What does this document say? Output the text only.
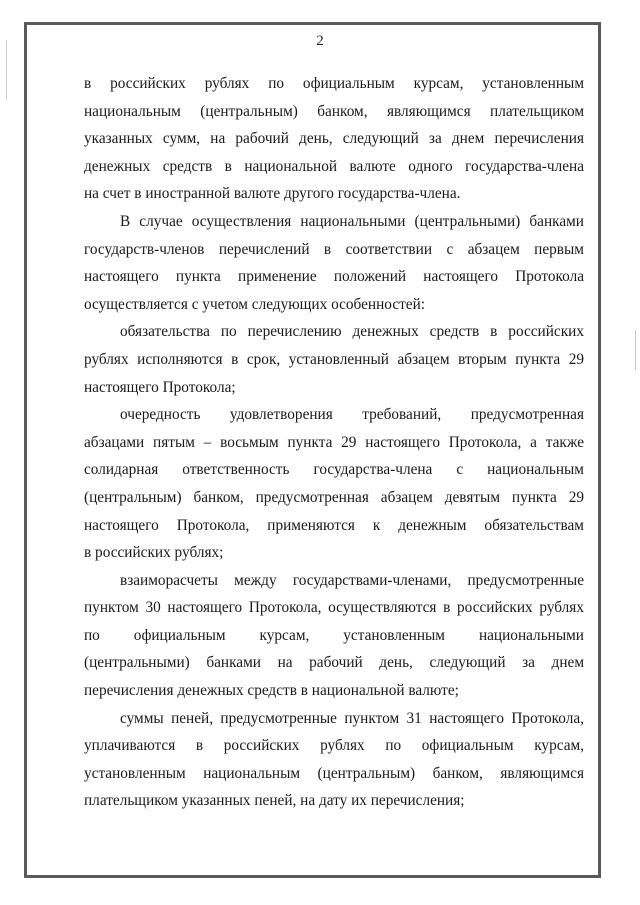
2
в российских рублях по официальным курсам, установленным
национальным (центральным) банком, являющимся плательщиком
указанных сумм, на рабочий день, следующий за днем перечисления
денежных средств в национальной валюте одного государства-члена
на счет в иностранной валюте другого государства-члена.
В случае осуществления национальными (центральными) банками
государств-членов перечислений в соответствии с абзацем первым
настоящего пункта применение положений настоящего Протокола
осуществляется с учетом следующих особенностей:
обязательства по перечислению денежных средств в российских
рублях исполняются в срок, установленный абзацем вторым пункта 29
настоящего Протокола;
очередность удовлетворения требований, предусмотренная
абзацами пятым – восьмым пункта 29 настоящего Протокола, а также
солидарная ответственность государства-члена с национальным
(центральным) банком, предусмотренная абзацем девятым пункта 29
настоящего Протокола, применяются к денежным обязательствам
в российских рублях;
взаиморасчеты между государствами-членами, предусмотренные
пунктом 30 настоящего Протокола, осуществляются в российских рублях
по официальным курсам, установленным национальными
(центральными) банками на рабочий день, следующий за днем
перечисления денежных средств в национальной валюте;
суммы пеней, предусмотренные пунктом 31 настоящего Протокола,
уплачиваются в российских рублях по официальным курсам,
установленным национальным (центральным) банком, являющимся
плательщиком указанных пеней, на дату их перечисления;
